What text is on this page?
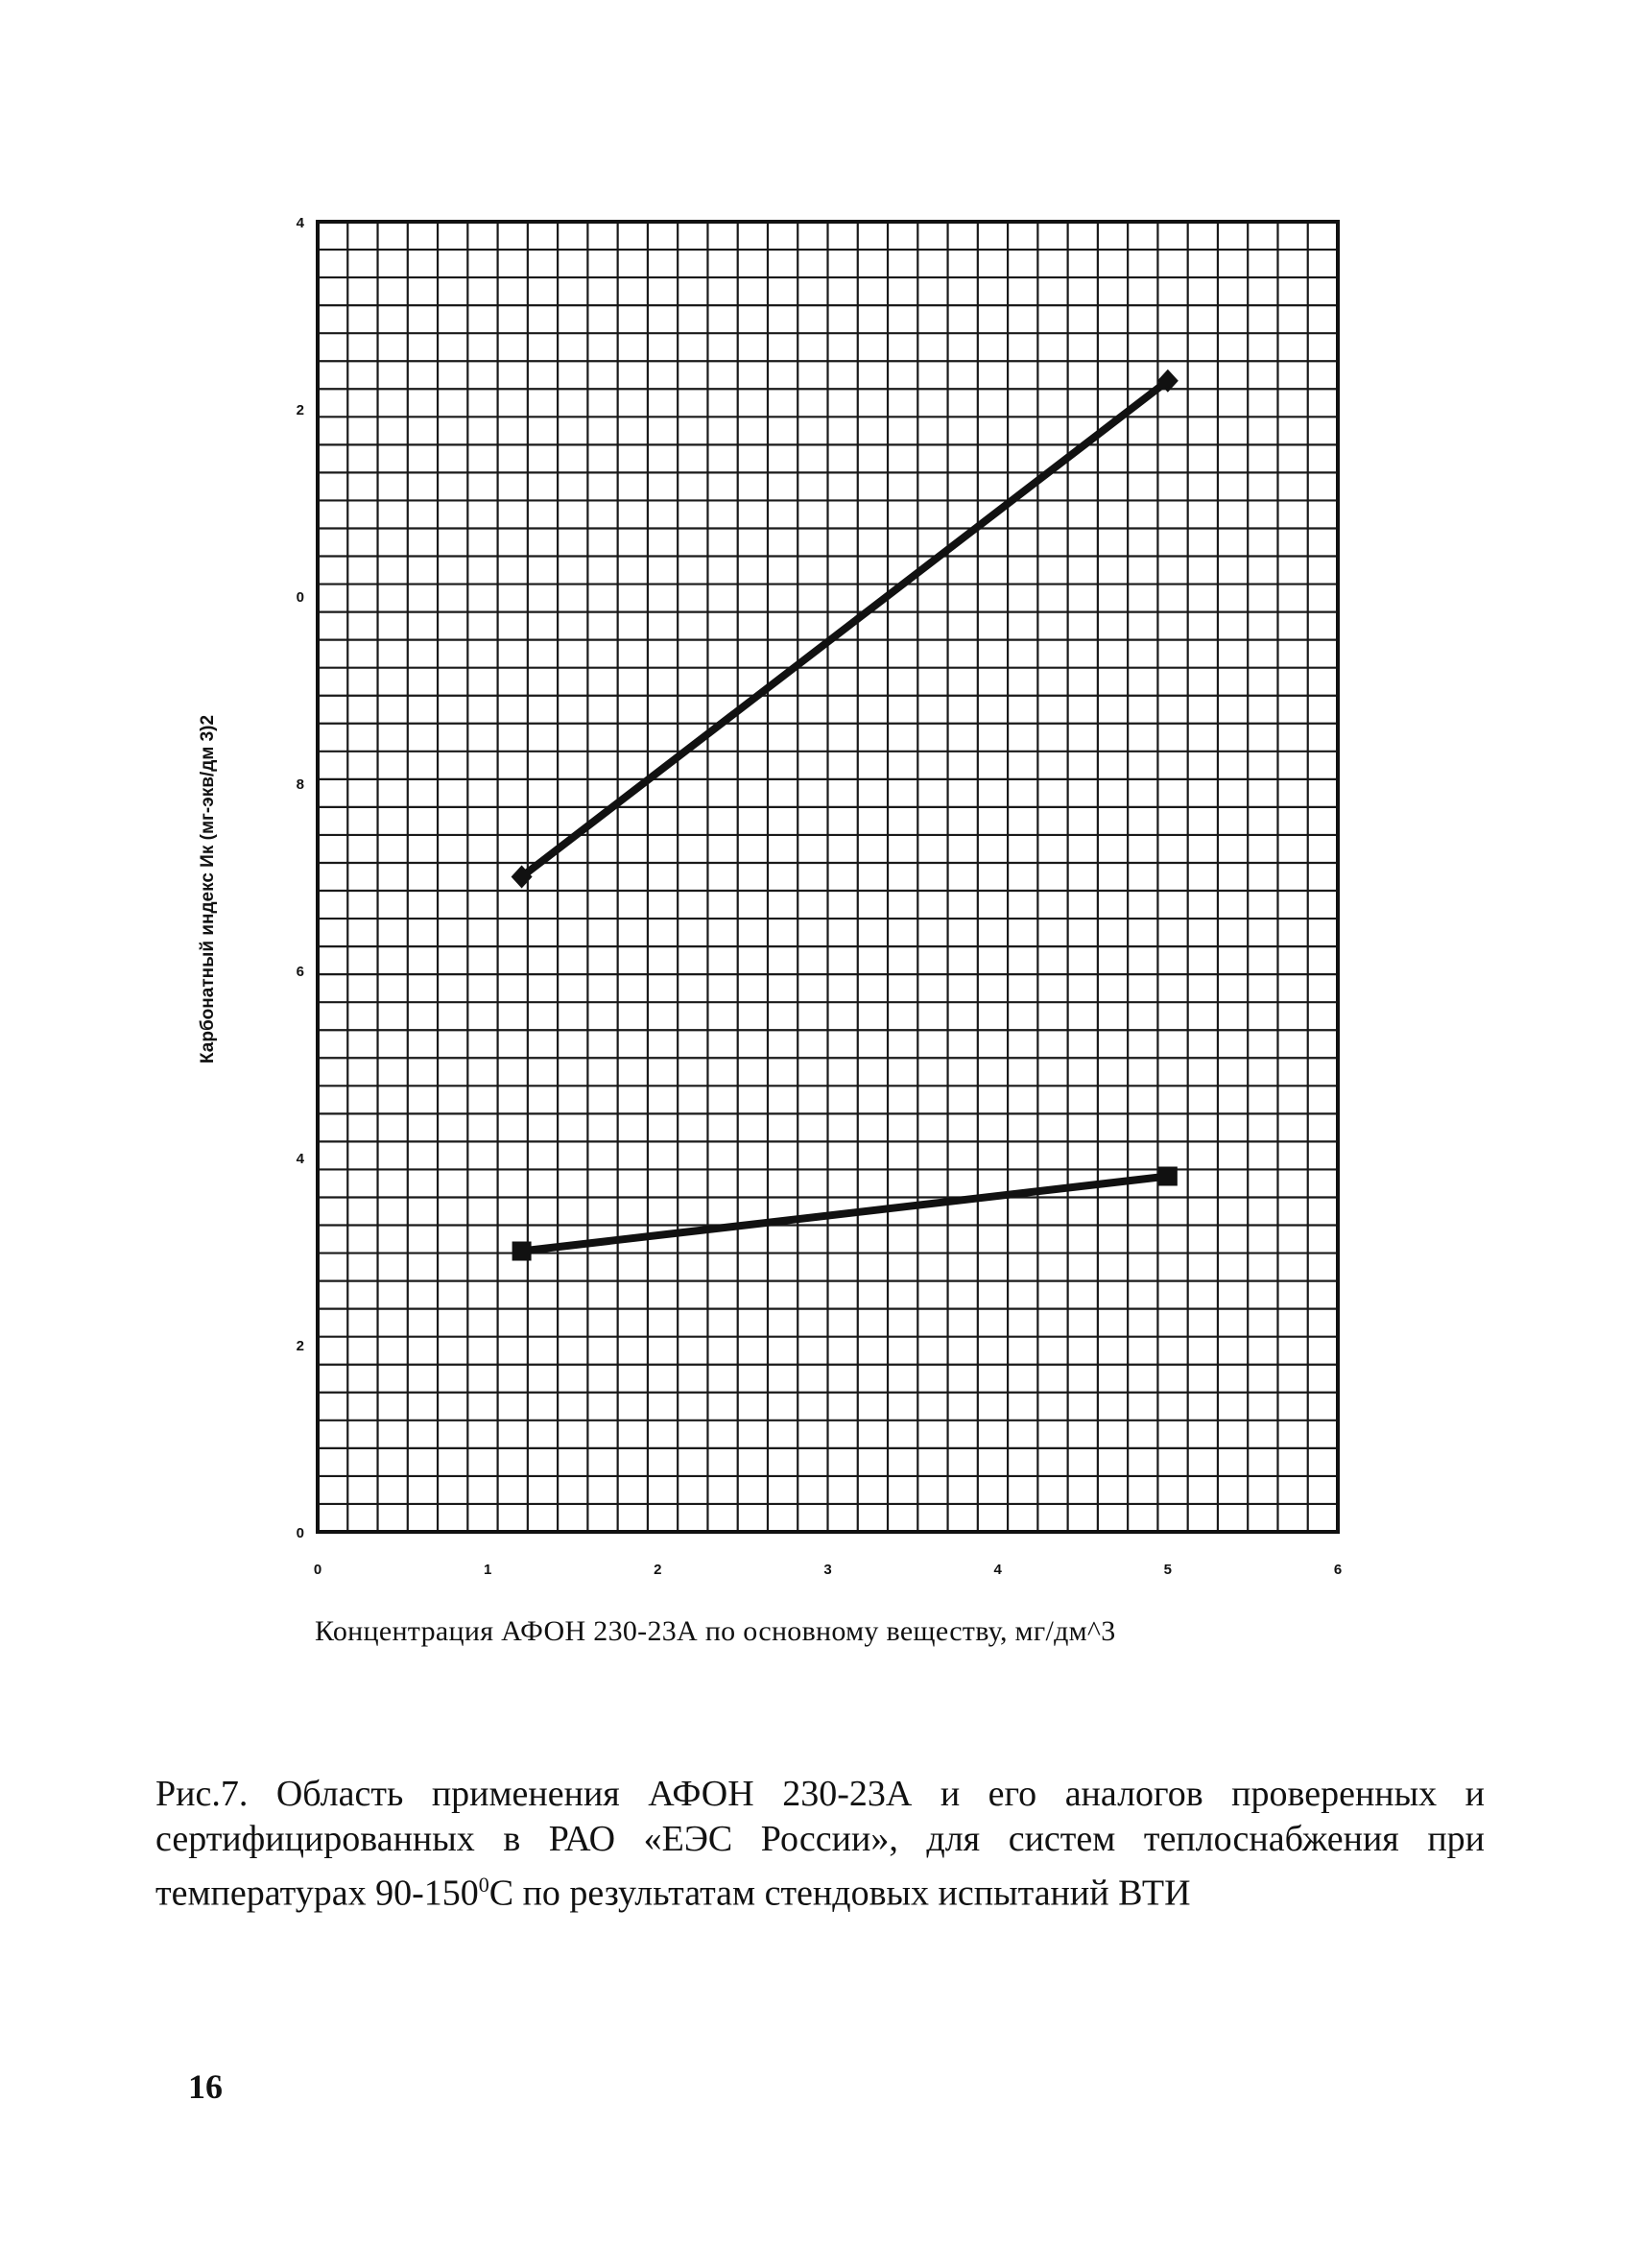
0
2
4
6
8
0
2
4
0	1	2	3	4	5	6
Карбонатный индекс Ик (мг-экв/дм 3)2
Концентрация АФОН 230-23А по основному веществу, мг/дм^3
Рис.7. Область применения АФОН 230-23А и его аналогов проверенных и
сертифицированных в РАО «ЕЭС России», для систем теплоснабжения при
температурах $90-150^0С$ по результатам стендовых испытаний ВТИ
16
